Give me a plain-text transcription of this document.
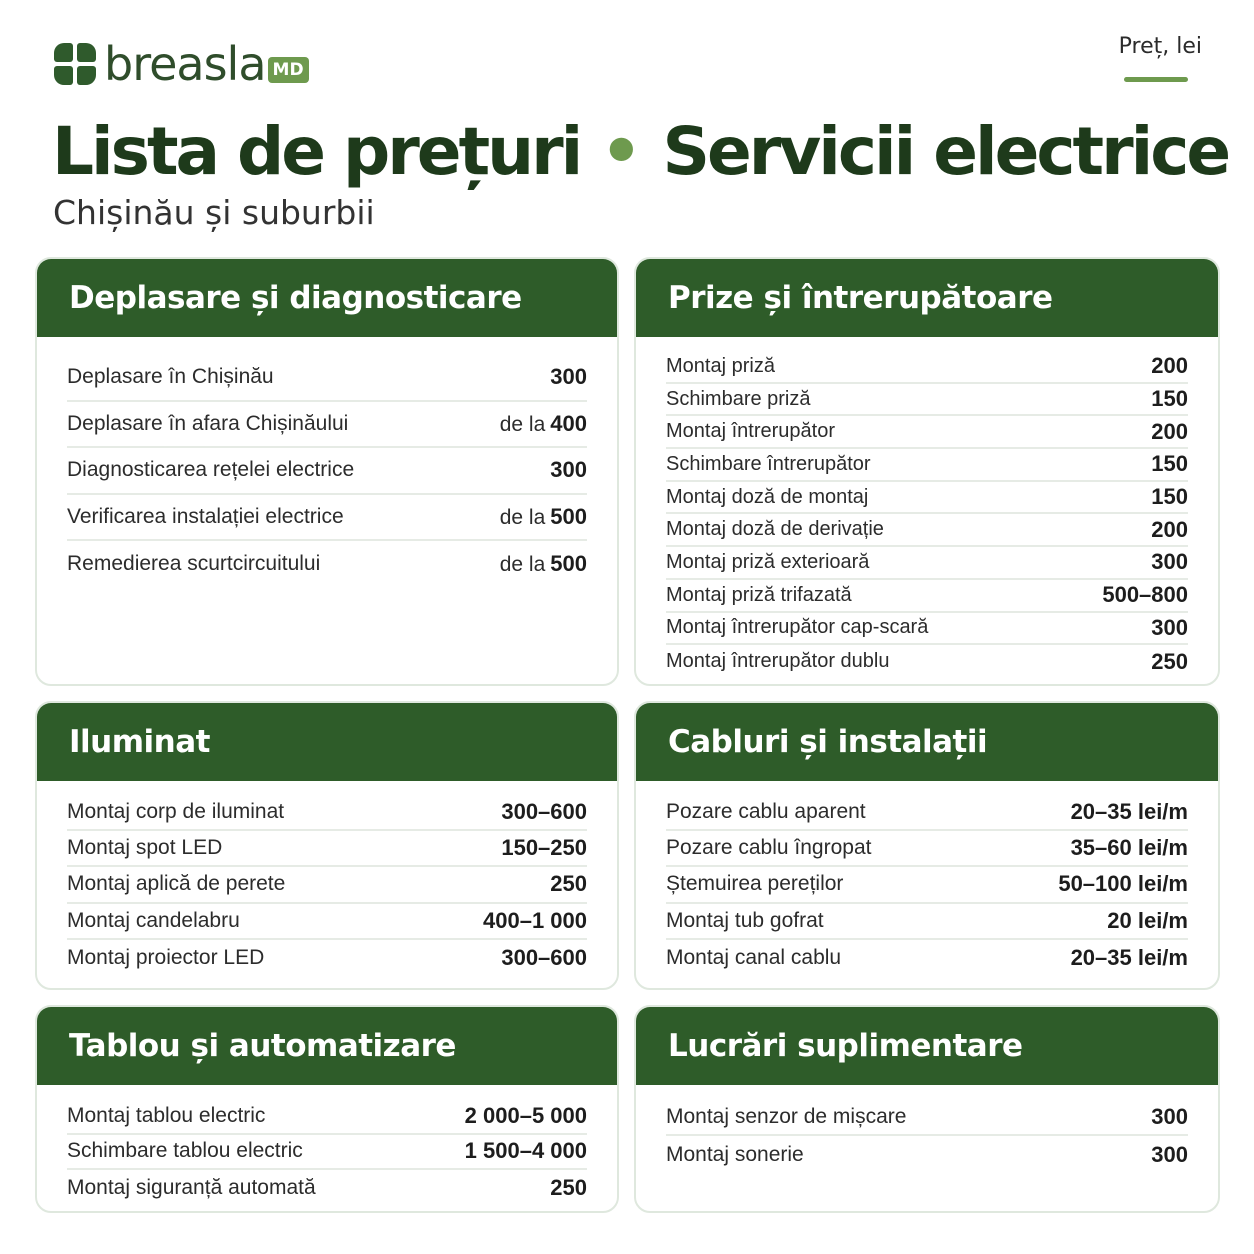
breasla MD
Preț, lei
Lista de prețuri • Servicii electrice
Chișinău și suburbii
Deplasare și diagnosticare
Deplasare în Chișinău	300
Deplasare în afara Chișinăului	de la 400
Diagnosticarea rețelei electrice	300
Verificarea instalației electrice	de la 500
Remedierea scurtcircuitului	de la 500
Prize și întrerupătoare
Montaj priză	200
Schimbare priză	150
Montaj întrerupător	200
Schimbare întrerupător	150
Montaj doză de montaj	150
Montaj doză de derivație	200
Montaj priză exterioară	300
Montaj priză trifazată	500–800
Montaj întrerupător cap-scară	300
Montaj întrerupător dublu	250
Iluminat
Montaj corp de iluminat	300–600
Montaj spot LED	150–250
Montaj aplică de perete	250
Montaj candelabru	400–1 000
Montaj proiector LED	300–600
Cabluri și instalații
Pozare cablu aparent	20–35 lei/m
Pozare cablu îngropat	35–60 lei/m
Ștemuirea pereților	50–100 lei/m
Montaj tub gofrat	20 lei/m
Montaj canal cablu	20–35 lei/m
Tablou și automatizare
Montaj tablou electric	2 000–5 000
Schimbare tablou electric	1 500–4 000
Montaj siguranță automată	250
Lucrări suplimentare
Montaj senzor de mișcare	300
Montaj sonerie	300
